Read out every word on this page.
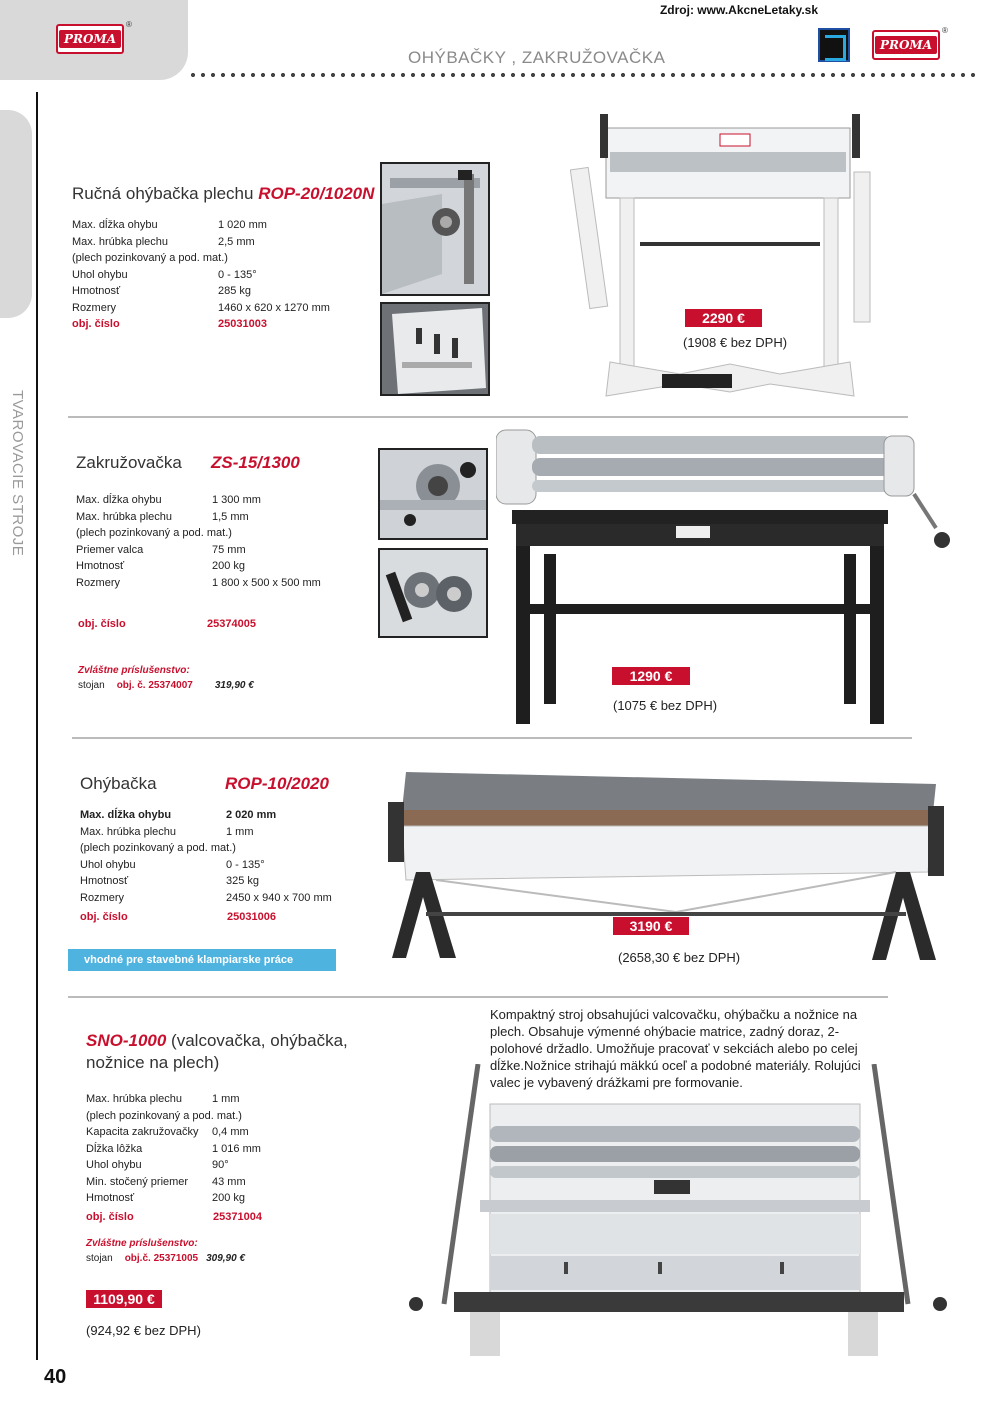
PROMA
®
Zdroj: www.AkcneLetaky.sk
OHÝBAČKY , ZAKRUŽOVAČKA
PROMA
®
TVAROVACIE STROJE
40
Ručná ohýbačka plechu ROP-20/1020N
Max. dĺžka ohybu	1 020 mm
Max. hrúbka plechu	2,5 mm
(plech pozinkovaný a pod. mat.)
Uhol ohybu	0 - 135°
Hmotnosť	285 kg
Rozmery	1460 x 620 x 1270 mm
obj. číslo	25031003	2290 €
(1908 € bez DPH)
Zakružovačka ZS-15/1300
Max. dĺžka ohybu	1 300 mm
Max. hrúbka plechu	1,5 mm
(plech pozinkovaný a pod. mat.)
Priemer valca	75 mm
Hmotnosť	200 kg
Rozmery	1 800 x 500 x 500 mm
obj. číslo	25374005
Zvláštne príslušenstvo:
stojan obj. č. 25374007 319,90 €
1290 €
(1075 € bez DPH)
Ohýbačka	ROP-10/2020
Max. dĺžka ohybu	2 020 mm
Max. hrúbka plechu	1 mm
(plech pozinkovaný a pod. mat.)
Uhol ohybu	0 - 135°
Hmotnosť	325 kg
Rozmery	2450 x 940 x 700 mm
obj. číslo	25031006
vhodné pre stavebné klampiarske práce
3190 €
(2658,30 € bez DPH)
SNO-1000 (valcovačka, ohýbačka, nožnice na plech)
Max. hrúbka plechu	1 mm
(plech pozinkovaný a pod. mat.)
Kapacita zakružovačky	0,4 mm
Dĺžka lôžka	1 016 mm
Uhol ohybu	90°
Min. stočený priemer	43 mm
Hmotnosť	200 kg
obj. číslo	25371004
Zvláštne príslušenstvo:
stojan obj.č. 25371005 309,90 €
1109,90 €
(924,92 € bez DPH)
Kompaktný stroj obsahujúci valcovačku, ohýbačku a nožnice na plech. Obsahuje výmenné ohýbacie matrice, zadný doraz, 2-polohové držadlo. Umožňuje pracovať v sekciách alebo po celej dĺžke.Nožnice strihajú mäkkú oceľ a podobné materiály. Rolujúci valec je vybavený drážkami pre formovanie.
